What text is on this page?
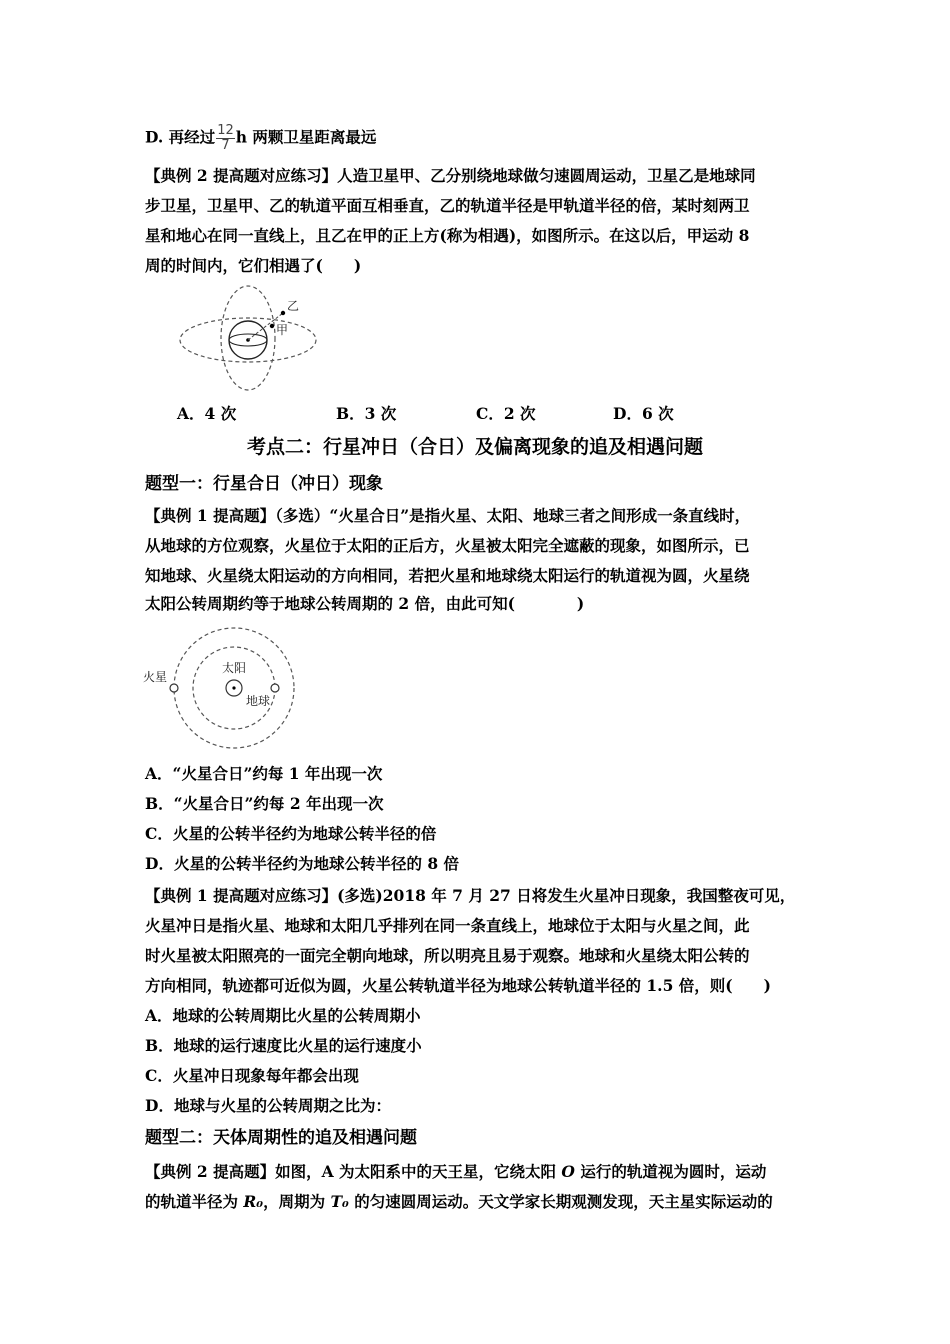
D. 再经过 $\frac{12}{7}$ h 两颗卫星距离最远
【典例 2 提高题对应练习】人造卫星甲、乙分别绕地球做匀速圆周运动，卫星乙是地球同
步卫星，卫星甲、乙的轨道平面互相垂直，乙的轨道半径是甲轨道半径的倍，某时刻两卫
星和地心在同一直线上，且乙在甲的正上方(称为相遇)，如图所示。在这以后，甲运动 8
周的时间内，它们相遇了(　　)
乙
甲
A．4 次	B．3 次	C．2 次	D．6 次
考点二：行星冲日（合日）及偏离现象的追及相遇问题
题型一：行星合日（冲日）现象
【典例 1 提高题】（多选）“火星合日”是指火星、太阳、地球三者之间形成一条直线时，
从地球的方位观察，火星位于太阳的正后方，火星被太阳完全遮蔽的现象，如图所示，已
知地球、火星绕太阳运动的方向相同，若把火星和地球绕太阳运行的轨道视为圆，火星绕
太阳公转周期约等于地球公转周期的 2 倍，由此可知(　　　　)
火星
太阳
地球
A．“火星合日”约每 1 年出现一次
B．“火星合日”约每 2 年出现一次
C．火星的公转半径约为地球公转半径的倍
D．火星的公转半径约为地球公转半径的 8 倍
【典例 1 提高题对应练习】(多选)2018 年 7 月 27 日将发生火星冲日现象，我国整夜可见，
火星冲日是指火星、地球和太阳几乎排列在同一条直线上，地球位于太阳与火星之间，此
时火星被太阳照亮的一面完全朝向地球，所以明亮且易于观察。地球和火星绕太阳公转的
方向相同，轨迹都可近似为圆，火星公转轨道半径为地球公转轨道半径的 1.5 倍，则(　　)
A．地球的公转周期比火星的公转周期小
B．地球的运行速度比火星的运行速度小
C．火星冲日现象每年都会出现
D．地球与火星的公转周期之比为：
题型二：天体周期性的追及相遇问题
【典例 2 提高题】如图，A 为太阳系中的天王星，它绕太阳 O 运行的轨道视为圆时，运动
的轨道半径为 R₀，周期为 T₀ 的匀速圆周运动。天文学家长期观测发现，天主星实际运动的
